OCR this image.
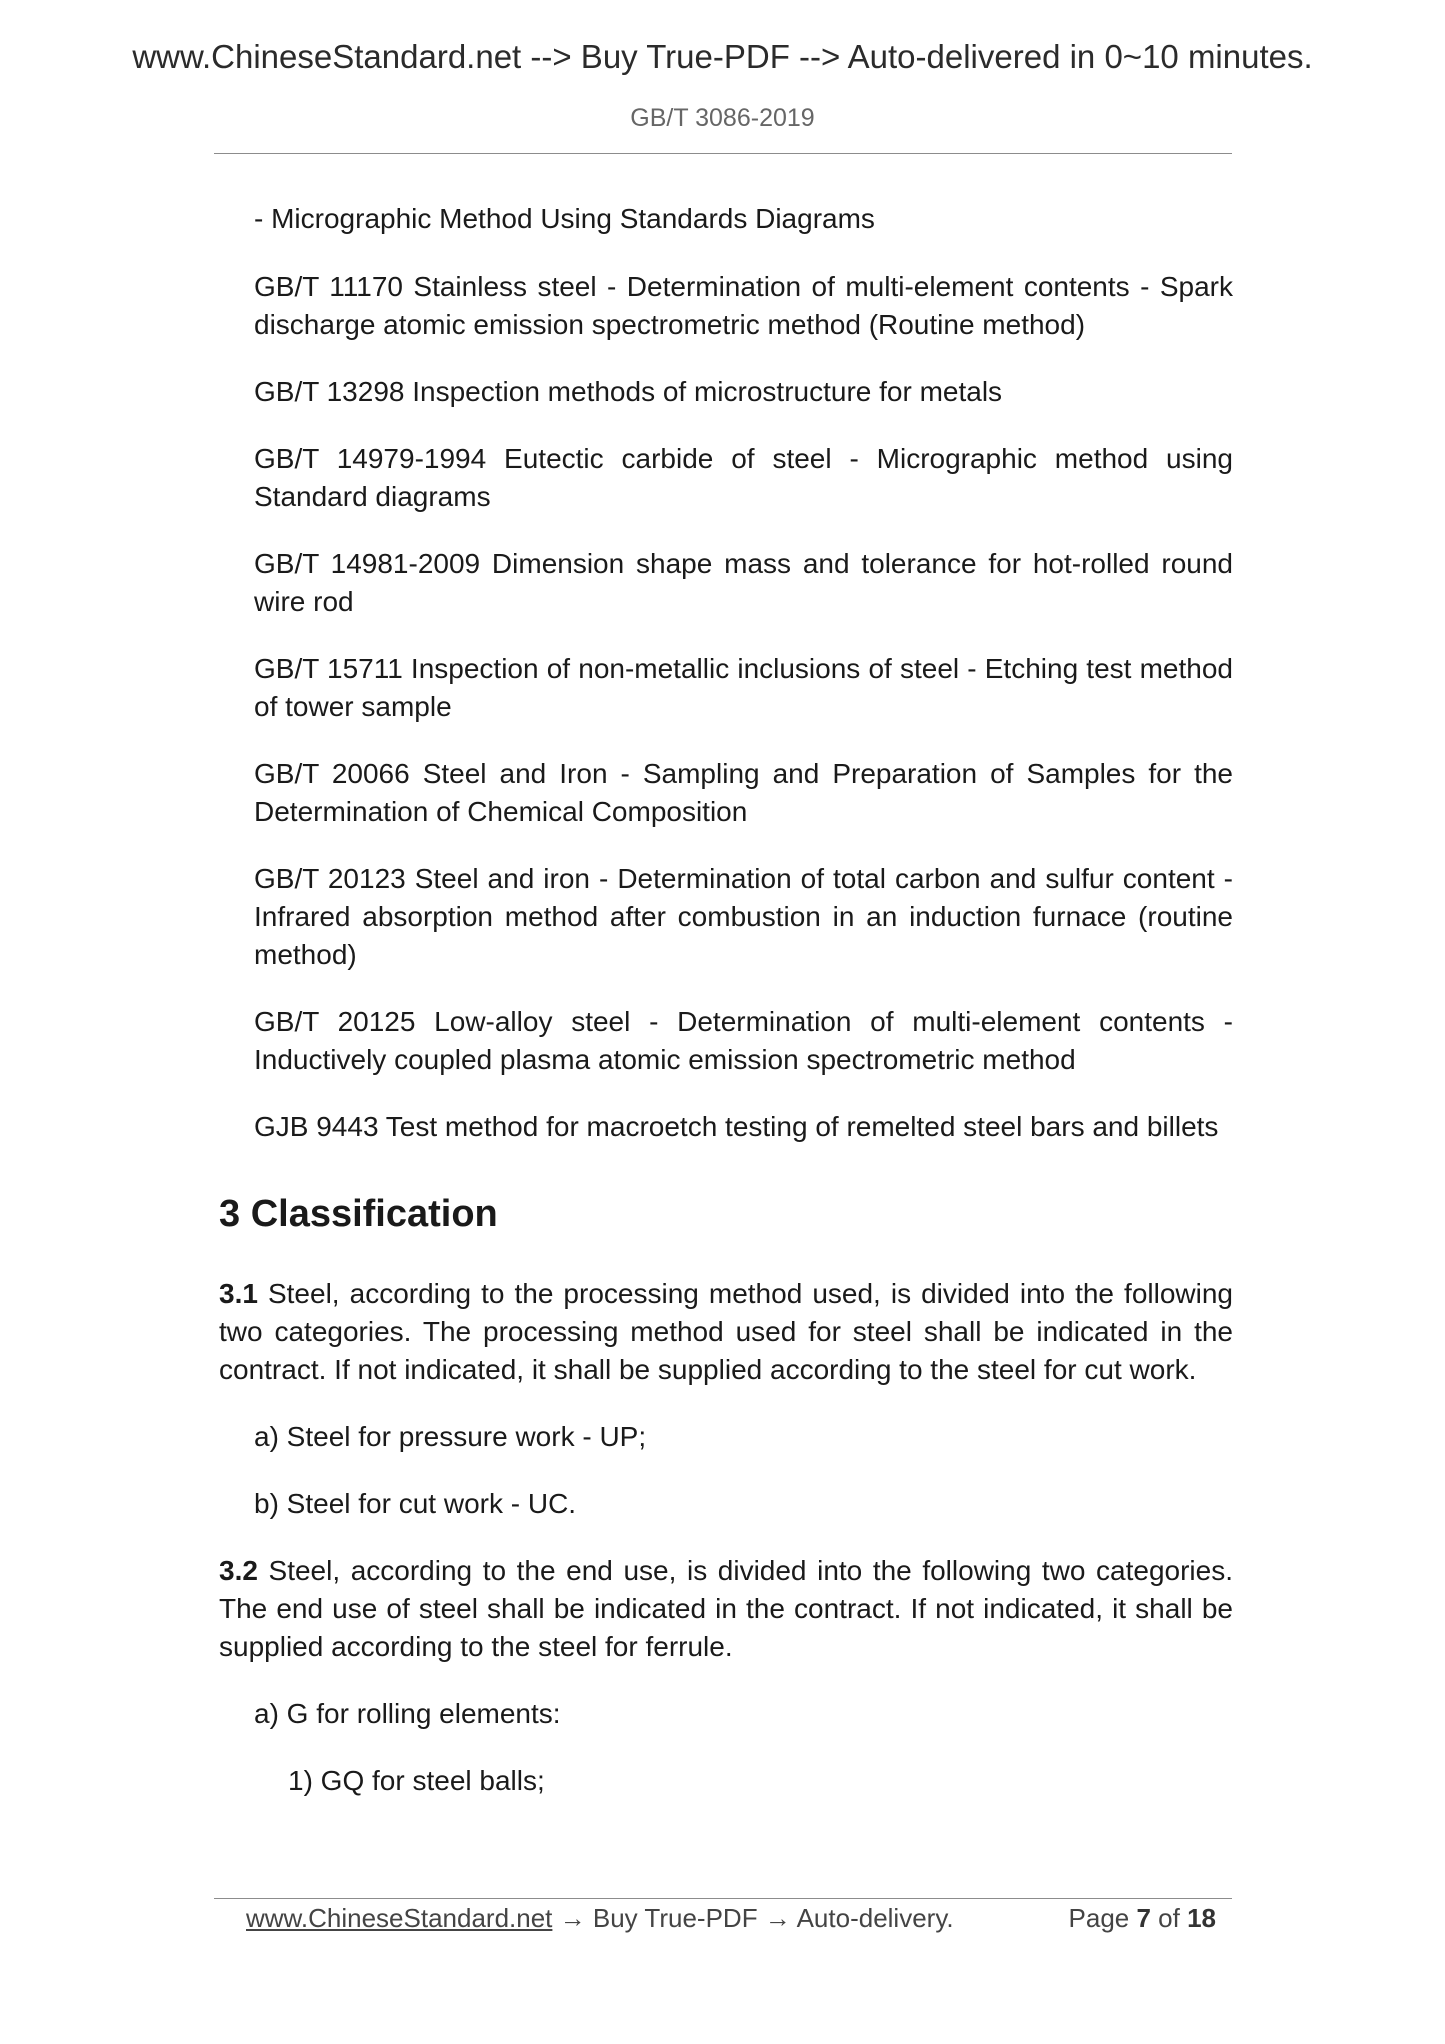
www.ChineseStandard.net --> Buy True-PDF --> Auto-delivered in 0~10 minutes.
GB/T 3086-2019

- Micrographic Method Using Standards Diagrams

GB/T 11170 Stainless steel - Determination of multi-element contents - Spark discharge atomic emission spectrometric method (Routine method)

GB/T 13298 Inspection methods of microstructure for metals

GB/T 14979-1994 Eutectic carbide of steel - Micrographic method using Standard diagrams

GB/T 14981-2009 Dimension shape mass and tolerance for hot-rolled round wire rod

GB/T 15711 Inspection of non-metallic inclusions of steel - Etching test method of tower sample

GB/T 20066 Steel and Iron - Sampling and Preparation of Samples for the Determination of Chemical Composition

GB/T 20123 Steel and iron - Determination of total carbon and sulfur content - Infrared absorption method after combustion in an induction furnace (routine method)

GB/T 20125 Low-alloy steel - Determination of multi-element contents - Inductively coupled plasma atomic emission spectrometric method

GJB 9443 Test method for macroetch testing of remelted steel bars and billets

3 Classification

3.1 Steel, according to the processing method used, is divided into the following two categories. The processing method used for steel shall be indicated in the contract. If not indicated, it shall be supplied according to the steel for cut work.

a) Steel for pressure work - UP;

b) Steel for cut work - UC.

3.2 Steel, according to the end use, is divided into the following two categories. The end use of steel shall be indicated in the contract. If not indicated, it shall be supplied according to the steel for ferrule.

a) G for rolling elements:

1) GQ for steel balls;

www.ChineseStandard.net → Buy True-PDF → Auto-delivery.	Page 7 of 18
